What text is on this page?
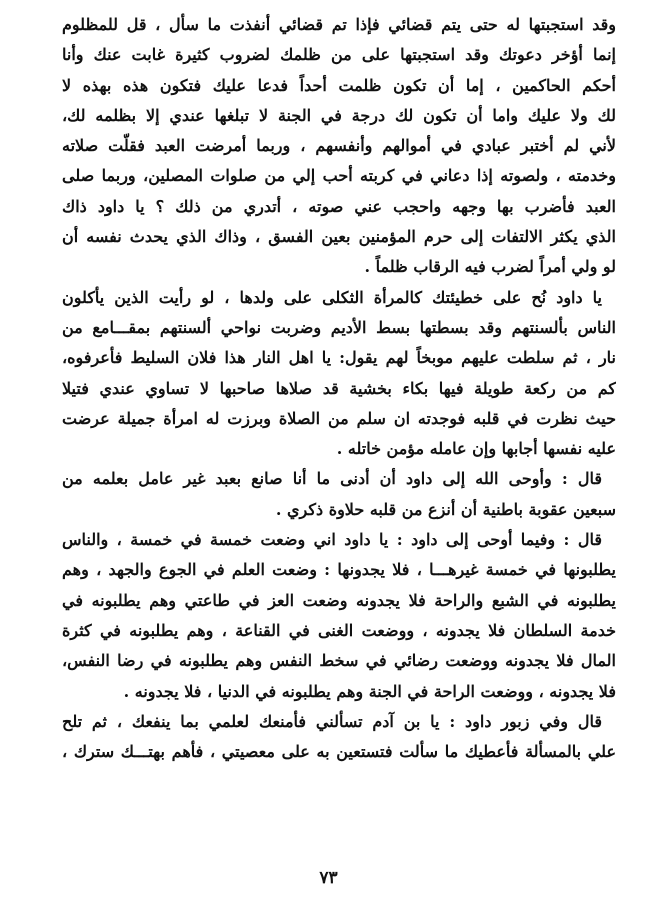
وقد استجبتها له حتى يتم قضائي فإذا تم قضائي أنفذت ما سأل ، قل للمظلوم
إنما أؤخر دعوتك وقد استجبتها على من ظلمك لضروب كثيرة غابت عنك وأنا
أحكم الحاكمين ، إما أن تكون ظلمت أحداً فدعا عليك فتكون هذه بهذه لا
لك ولا عليك واما أن تكون لك درجة في الجنة لا تبلغها عندي إلا بظلمه لك،
لأني لم أختبر عبادي في أموالهم وأنفسهم ، وربما أمرضت العبد فقلّت صلاته
وخدمته ، ولصوته إذا دعاني في كربته أحب إلي من صلوات المصلين، وربما صلى
العبد فأضرب بها وجهه واحجب عني صوته ، أتدري من ذلك ؟ يا داود ذاك
الذي يكثر الالتفات إلى حرم المؤمنين بعين الفسق ، وذاك الذي يحدث نفسه أن
لو ولي أمراً لضرب فيه الرقاب ظلماً .
يا داود نُح على خطيئتك كالمرأة الثكلى على ولدها ، لو رأيت الذين يأكلون
الناس بألسنتهم وقد بسطتها بسط الأديم وضربت نواحي ألسنتهم بمقـــامع من
نار ، ثم سلطت عليهم موبخاً لهم يقول: يا اهل النار هذا فلان السليط فأعرفوه،
كم من ركعة طويلة فيها بكاء بخشية قد صلاها صاحبها لا تساوي عندي فتيلا
حيث نظرت في قلبه فوجدته ان سلم من الصلاة وبرزت له امرأة جميلة عرضت
عليه نفسها أجابها وإن عامله مؤمن خاتله .
قال : وأوحى الله إلى داود أن أدنى ما أنا صانع بعبد غير عامل بعلمه من
سبعين عقوبة باطنية أن أنزع من قلبه حلاوة ذكري .
قال : وفيما أوحى إلى داود : يا داود اني وضعت خمسة في خمسة ، والناس
يطلبونها في خمسة غيرهـــا ، فلا يجدونها : وضعت العلم في الجوع والجهد ، وهم
يطلبونه في الشبع والراحة فلا يجدونه وضعت العز في طاعتي وهم يطلبونه في
خدمة السلطان فلا يجدونه ، ووضعت الغنى في القناعة ، وهم يطلبونه في كثرة
المال فلا يجدونه ووضعت رضائي في سخط النفس وهم يطلبونه في رضا النفس،
فلا يجدونه ، ووضعت الراحة في الجنة وهم يطلبونه في الدنيا ، فلا يجدونه .
قال وفي زبور داود : يا بن آدم تسألني فأمنعك لعلمي بما ينفعك ، ثم تلح
علي بالمسألة فأعطيك ما سألت فتستعين به على معصيتي ، فأهم بهتـــك سترك ،
٧٣
